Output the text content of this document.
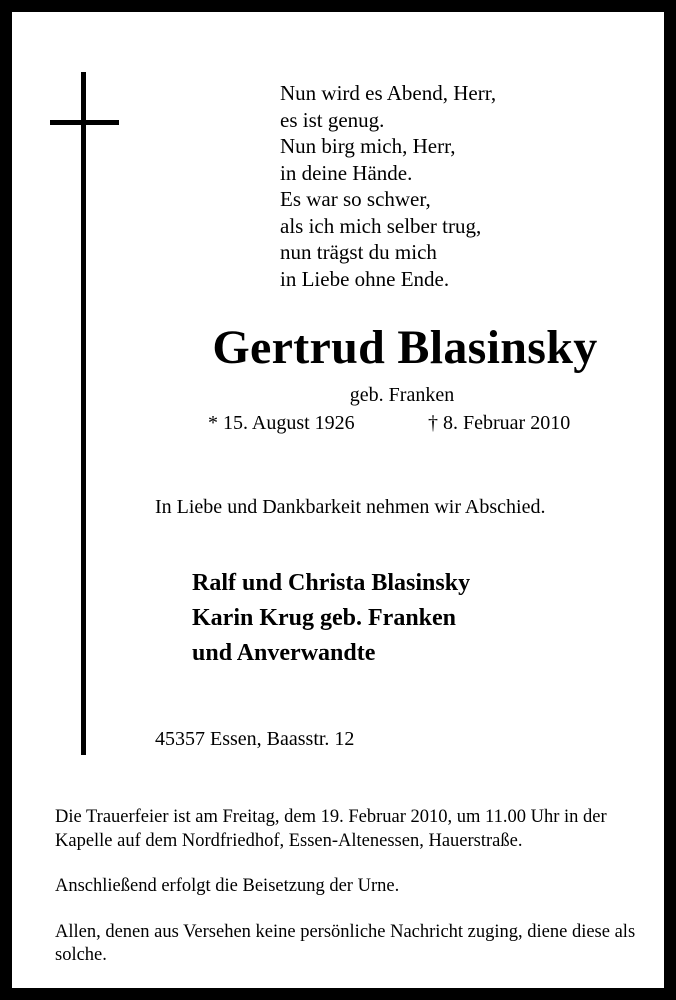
Nun wird es Abend, Herr,
es ist genug.
Nun birg mich, Herr,
in deine Hände.
Es war so schwer,
als ich mich selber trug,
nun trägst du mich
in Liebe ohne Ende.
Gertrud Blasinsky
geb. Franken
* 15. August 1926	† 8. Februar 2010
In Liebe und Dankbarkeit nehmen wir Abschied.
Ralf und Christa Blasinsky
Karin Krug geb. Franken
und Anverwandte
45357 Essen, Baasstr. 12

Die Trauerfeier ist am Freitag, dem 19. Februar 2010, um 11.00 Uhr in der Kapelle auf dem Nordfriedhof, Essen-Altenessen, Hauerstraße.

Anschließend erfolgt die Beisetzung der Urne.

Allen, denen aus Versehen keine persönliche Nachricht zuging, diene diese als solche.
